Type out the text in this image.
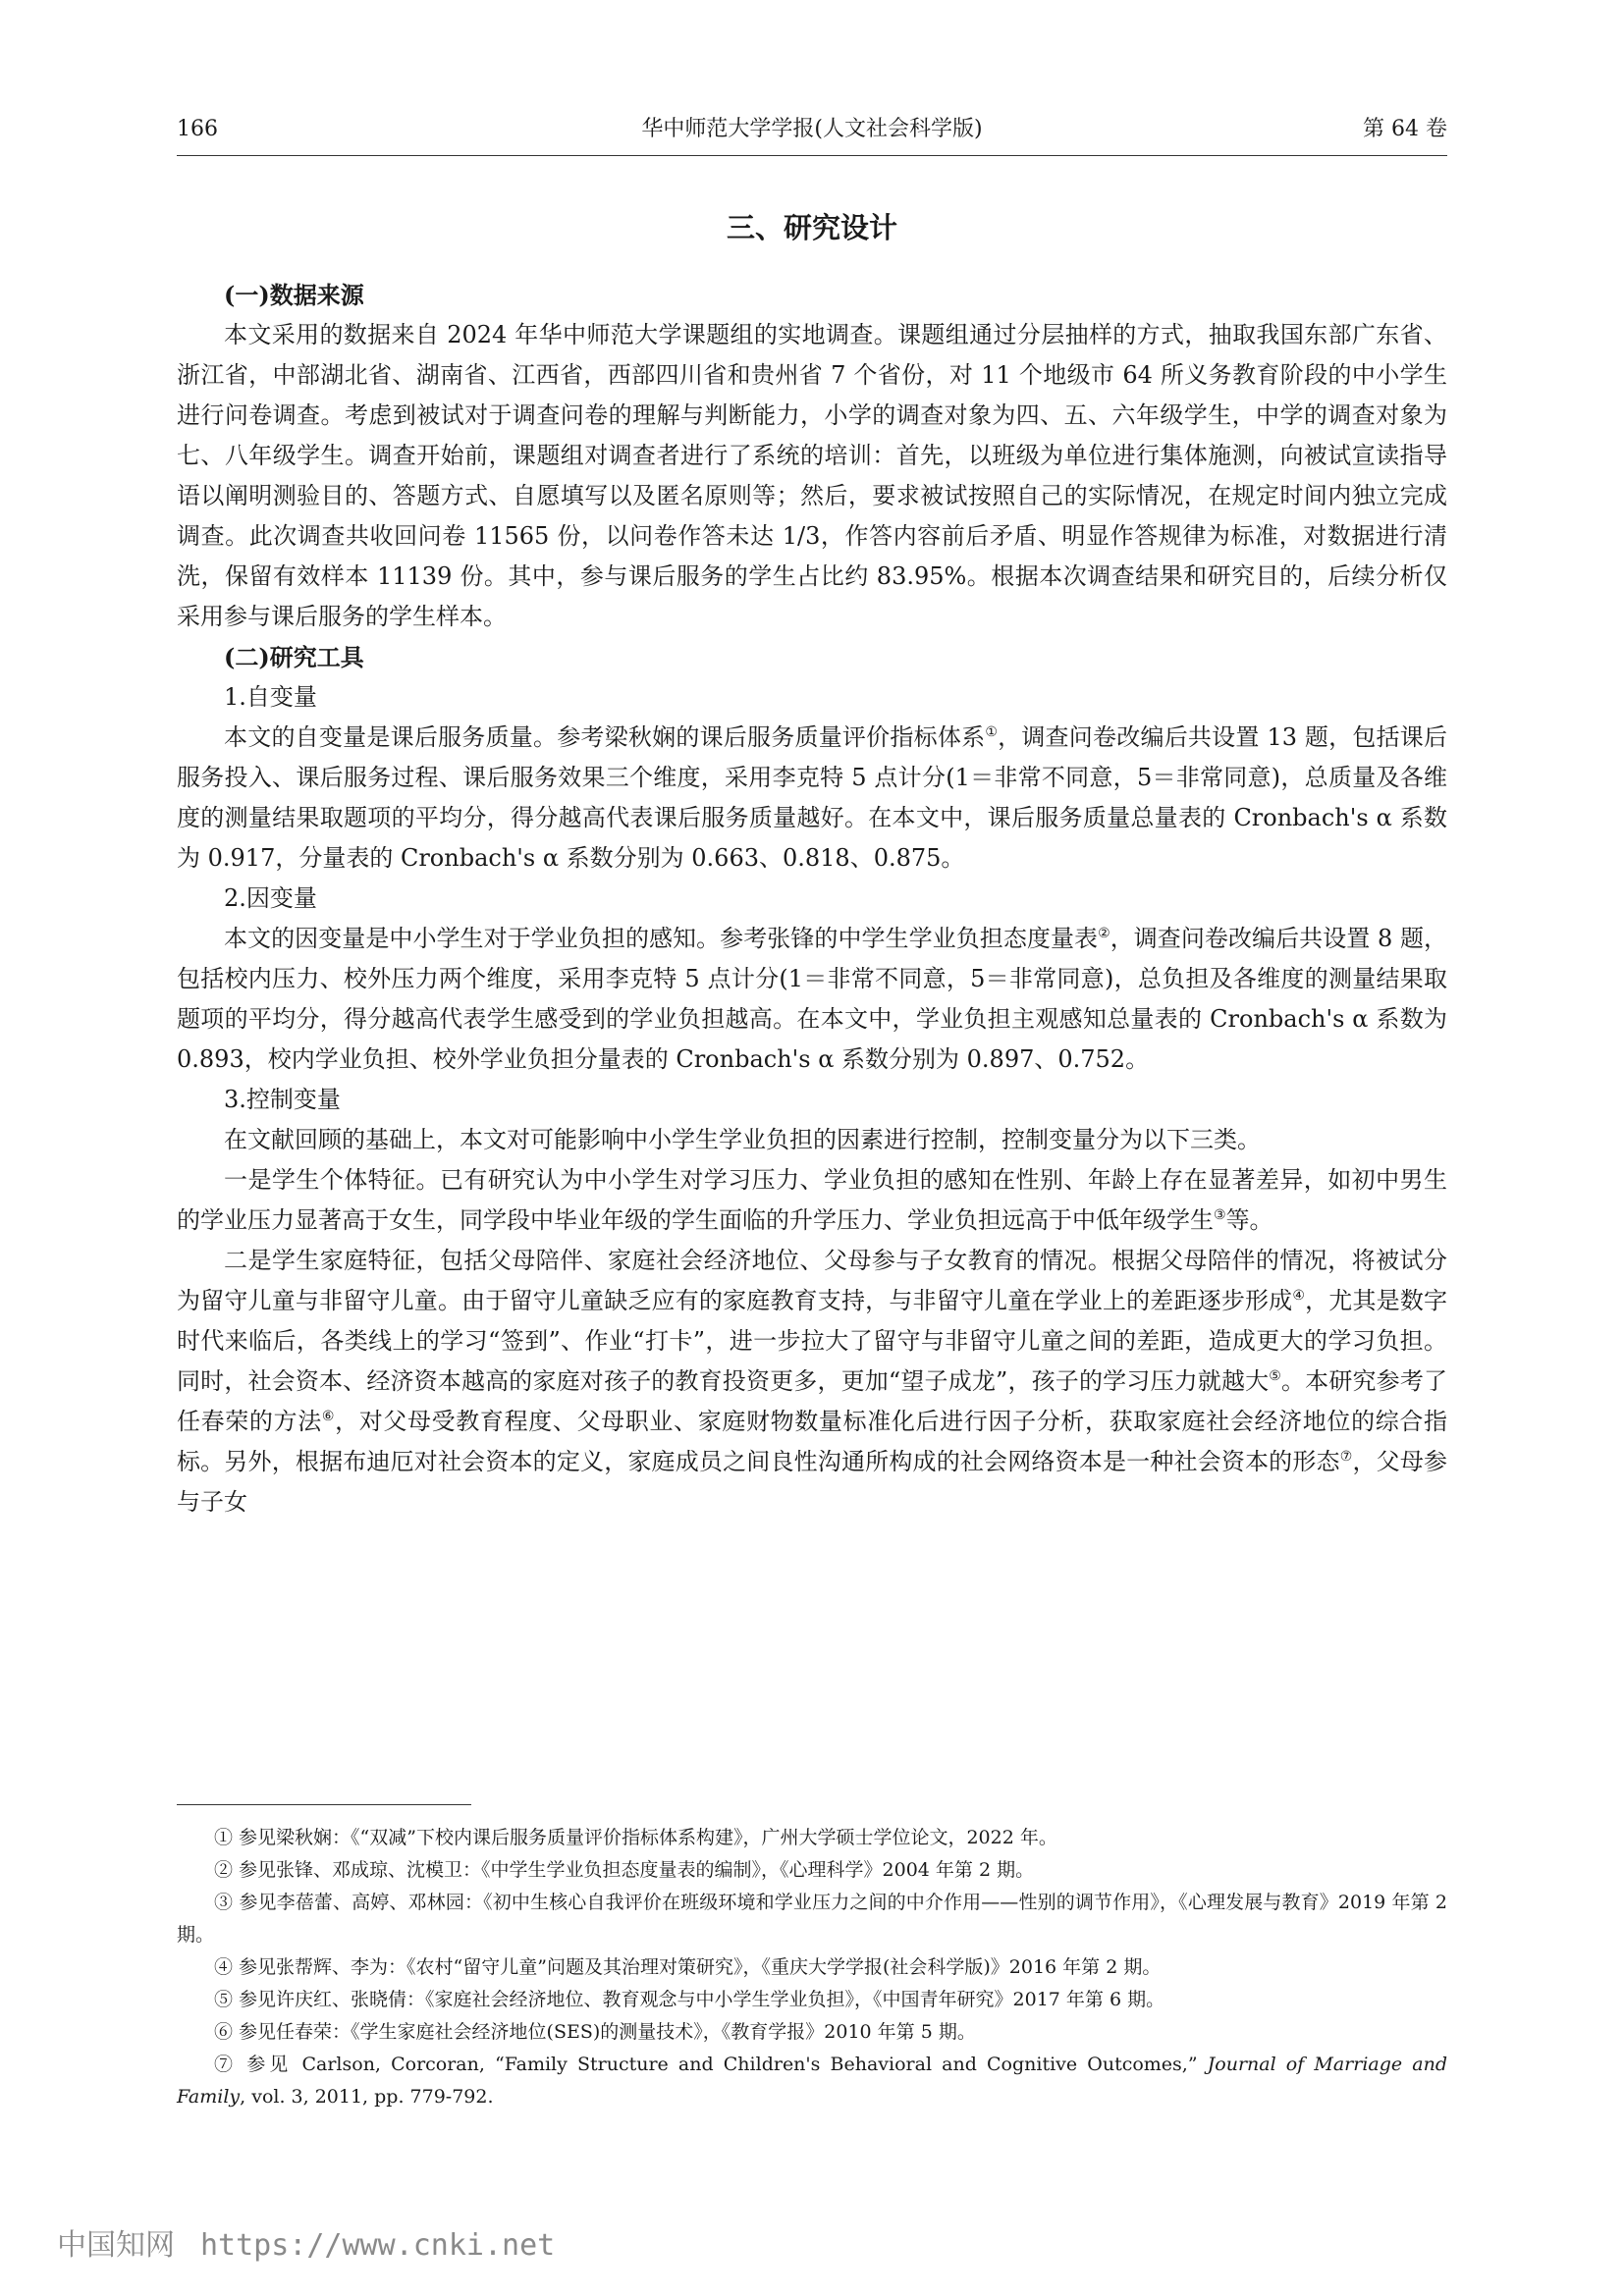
166	华中师范大学学报(人文社会科学版)	第 64 卷
三、研究设计

(一)数据来源

本文采用的数据来自 2024 年华中师范大学课题组的实地调查。课题组通过分层抽样的方式，抽取我国东部广东省、浙江省，中部湖北省、湖南省、江西省，西部四川省和贵州省 7 个省份，对 11 个地级市 64 所义务教育阶段的中小学生进行问卷调查。考虑到被试对于调查问卷的理解与判断能力，小学的调查对象为四、五、六年级学生，中学的调查对象为七、八年级学生。调查开始前，课题组对调查者进行了系统的培训：首先，以班级为单位进行集体施测，向被试宣读指导语以阐明测验目的、答题方式、自愿填写以及匿名原则等；然后，要求被试按照自己的实际情况，在规定时间内独立完成调查。此次调查共收回问卷 11565 份，以问卷作答未达 1/3，作答内容前后矛盾、明显作答规律为标准，对数据进行清洗，保留有效样本 11139 份。其中，参与课后服务的学生占比约 83.95%。根据本次调查结果和研究目的，后续分析仅采用参与课后服务的学生样本。

(二)研究工具

1.自变量

本文的自变量是课后服务质量。参考梁秋娴的课后服务质量评价指标体系①，调查问卷改编后共设置 13 题，包括课后服务投入、课后服务过程、课后服务效果三个维度，采用李克特 5 点计分(1＝非常不同意，5＝非常同意)，总质量及各维度的测量结果取题项的平均分，得分越高代表课后服务质量越好。在本文中，课后服务质量总量表的 Cronbach's α 系数为 0.917，分量表的 Cronbach's α 系数分别为 0.663、0.818、0.875。

2.因变量

本文的因变量是中小学生对于学业负担的感知。参考张锋的中学生学业负担态度量表②，调查问卷改编后共设置 8 题，包括校内压力、校外压力两个维度，采用李克特 5 点计分(1＝非常不同意，5＝非常同意)，总负担及各维度的测量结果取题项的平均分，得分越高代表学生感受到的学业负担越高。在本文中，学业负担主观感知总量表的 Cronbach's α 系数为 0.893，校内学业负担、校外学业负担分量表的 Cronbach's α 系数分别为 0.897、0.752。

3.控制变量

在文献回顾的基础上，本文对可能影响中小学生学业负担的因素进行控制，控制变量分为以下三类。

一是学生个体特征。已有研究认为中小学生对学习压力、学业负担的感知在性别、年龄上存在显著差异，如初中男生的学业压力显著高于女生，同学段中毕业年级的学生面临的升学压力、学业负担远高于中低年级学生③等。

二是学生家庭特征，包括父母陪伴、家庭社会经济地位、父母参与子女教育的情况。根据父母陪伴的情况，将被试分为留守儿童与非留守儿童。由于留守儿童缺乏应有的家庭教育支持，与非留守儿童在学业上的差距逐步形成④，尤其是数字时代来临后，各类线上的学习“签到”、作业“打卡”，进一步拉大了留守与非留守儿童之间的差距，造成更大的学习负担。同时，社会资本、经济资本越高的家庭对孩子的教育投资更多，更加“望子成龙”，孩子的学习压力就越大⑤。本研究参考了任春荣的方法⑥，对父母受教育程度、父母职业、家庭财物数量标准化后进行因子分析，获取家庭社会经济地位的综合指标。另外，根据布迪厄对社会资本的定义，家庭成员之间良性沟通所构成的社会网络资本是一种社会资本的形态⑦，父母参与子女

① 参见梁秋娴：《“双减”下校内课后服务质量评价指标体系构建》，广州大学硕士学位论文，2022 年。

② 参见张锋、邓成琼、沈模卫：《中学生学业负担态度量表的编制》，《心理科学》2004 年第 2 期。

③ 参见李蓓蕾、高婷、邓林园：《初中生核心自我评价在班级环境和学业压力之间的中介作用——性别的调节作用》，《心理发展与教育》2019 年第 2 期。

④ 参见张帮辉、李为：《农村“留守儿童”问题及其治理对策研究》，《重庆大学学报(社会科学版)》2016 年第 2 期。

⑤ 参见许庆红、张晓倩：《家庭社会经济地位、教育观念与中小学生学业负担》，《中国青年研究》2017 年第 6 期。

⑥ 参见任春荣：《学生家庭社会经济地位(SES)的测量技术》，《教育学报》2010 年第 5 期。

⑦ 参见 Carlson, Corcoran, “Family Structure and Children's Behavioral and Cognitive Outcomes,” Journal of Marriage and Family, vol. 3, 2011, pp. 779-792.

中国知网 https://www.cnki.net
